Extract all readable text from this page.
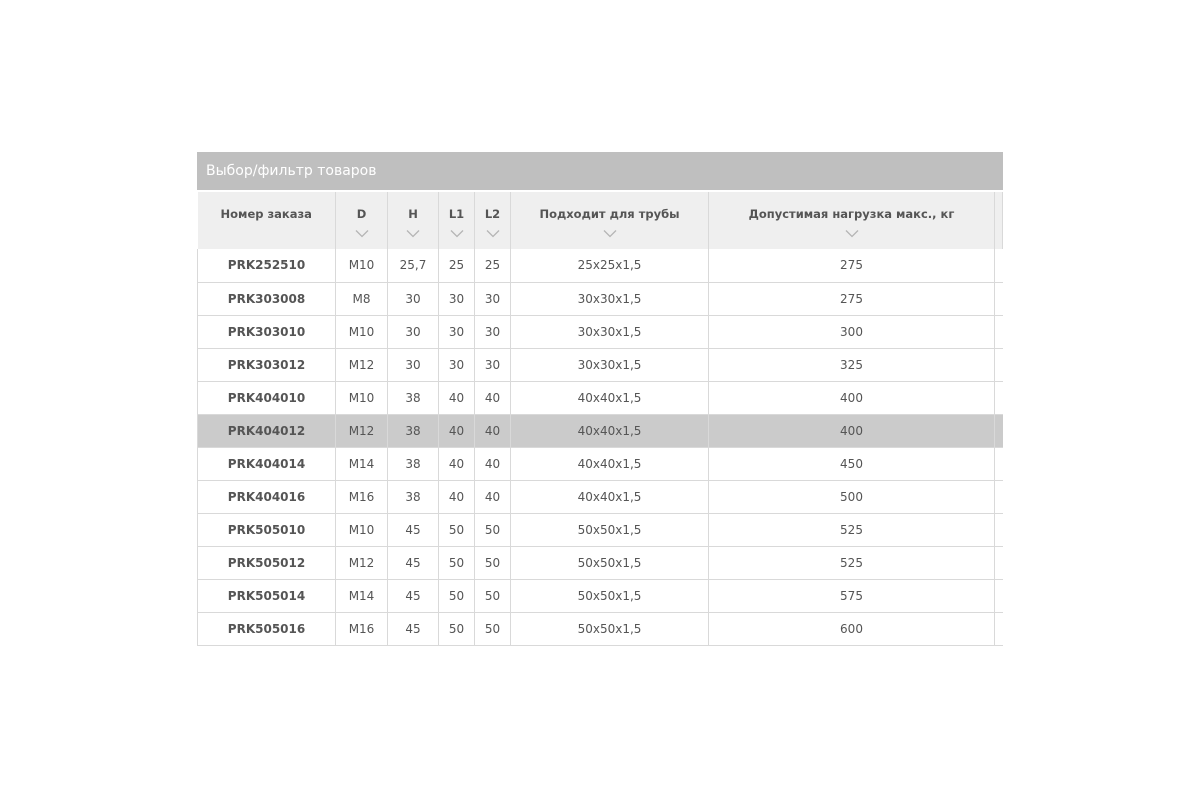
Выбор/фильтр товаров
Номер заказа	D	H	L1	L2	Подходит для трубы	Допустимая нагрузка макс., кг	

PRK252510	M10	25,7	25	25	25x25x1,5	275	
PRK303008	M8	30	30	30	30x30x1,5	275	
PRK303010	M10	30	30	30	30x30x1,5	300	
PRK303012	M12	30	30	30	30x30x1,5	325	
PRK404010	M10	38	40	40	40x40x1,5	400	
PRK404012	M12	38	40	40	40x40x1,5	400	
PRK404014	M14	38	40	40	40x40x1,5	450	
PRK404016	M16	38	40	40	40x40x1,5	500	
PRK505010	M10	45	50	50	50x50x1,5	525	
PRK505012	M12	45	50	50	50x50x1,5	525	
PRK505014	M14	45	50	50	50x50x1,5	575	
PRK505016	M16	45	50	50	50x50x1,5	600	
